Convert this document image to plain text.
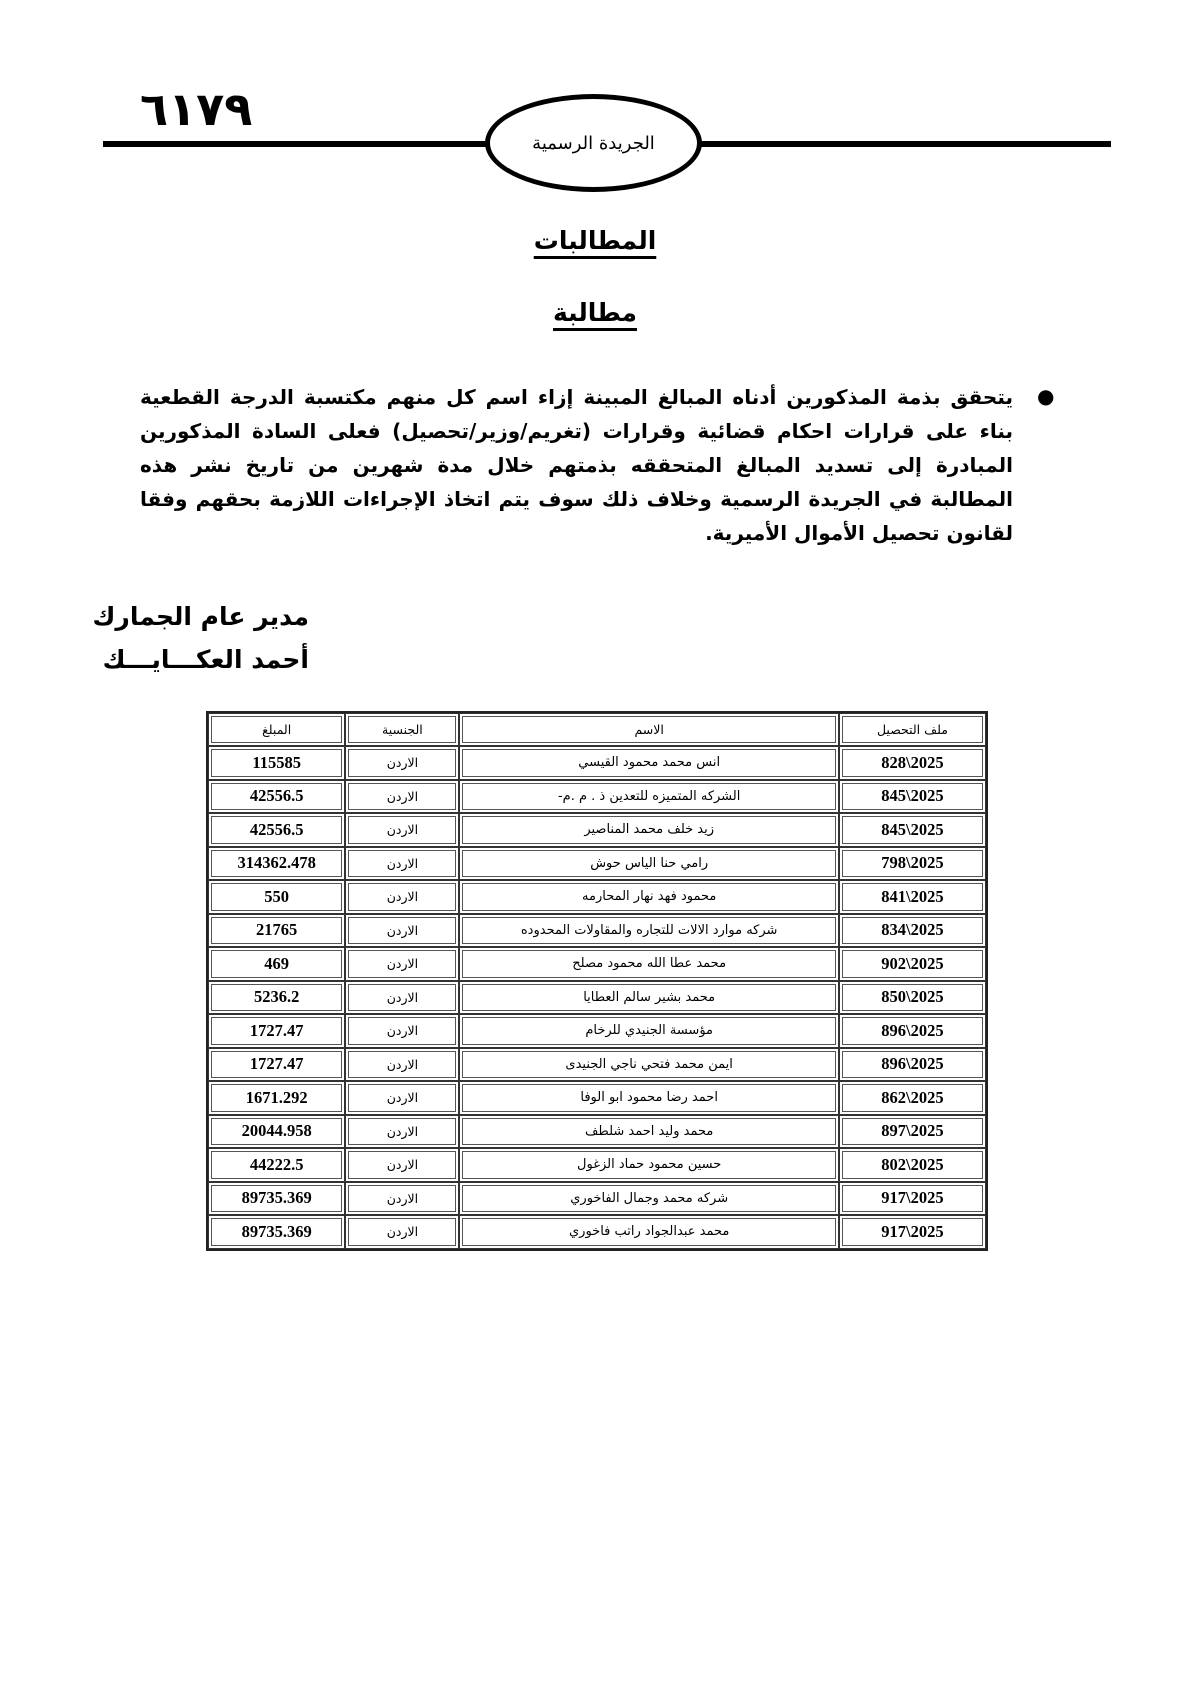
٦١٧٩
الجريدة الرسمية
المطالبات
مطالبة
●

يتحقق بذمة المذكورين أدناه المبالغ المبينة إزاء اسم كل منهم مكتسبة الدرجة القطعية بناء على قرارات احكام قضائية وقرارات (تغريم/وزير/تحصيل) فعلى السادة المذكورين المبادرة إلى تسديد المبالغ المتحققه بذمتهم خلال مدة شهرين من تاريخ نشر هذه المطالبة في الجريدة الرسمية وخلاف ذلك سوف يتم اتخاذ الإجراءات اللازمة بحقهم وفقا لقانون تحصيل الأموال الأميرية.

مدير عام الجمارك
أحمد العكـــايـــك
المبلغ	الجنسية	الاسم	ملف التحصيل
115585	الاردن	انس محمد محمود القيسي	828\2025
42556.5	الاردن	الشركه المتميزه للتعدين ذ . م .م-	845\2025
42556.5	الاردن	زيد خلف محمد المناصير	845\2025
314362.478	الاردن	رامي حنا الياس حوش	798\2025
550	الاردن	محمود فهد نهار المحارمه	841\2025
21765	الاردن	شركه موارد الالات للتجاره والمقاولات المحدوده	834\2025
469	الاردن	محمد عطا الله محمود مصلح	902\2025
5236.2	الاردن	محمد بشير سالم العطايا	850\2025
1727.47	الاردن	مؤسسة الجنيدي للرخام	896\2025
1727.47	الاردن	ايمن محمد فتحي ناجي الجنيدى	896\2025
1671.292	الاردن	احمد رضا محمود ابو الوفا	862\2025
20044.958	الاردن	محمد وليد احمد شلطف	897\2025
44222.5	الاردن	حسين محمود حماد الزغول	802\2025
89735.369	الاردن	شركه محمد وجمال الفاخوري	917\2025
89735.369	الاردن	محمد عبدالجواد راتب فاخوري	917\2025
